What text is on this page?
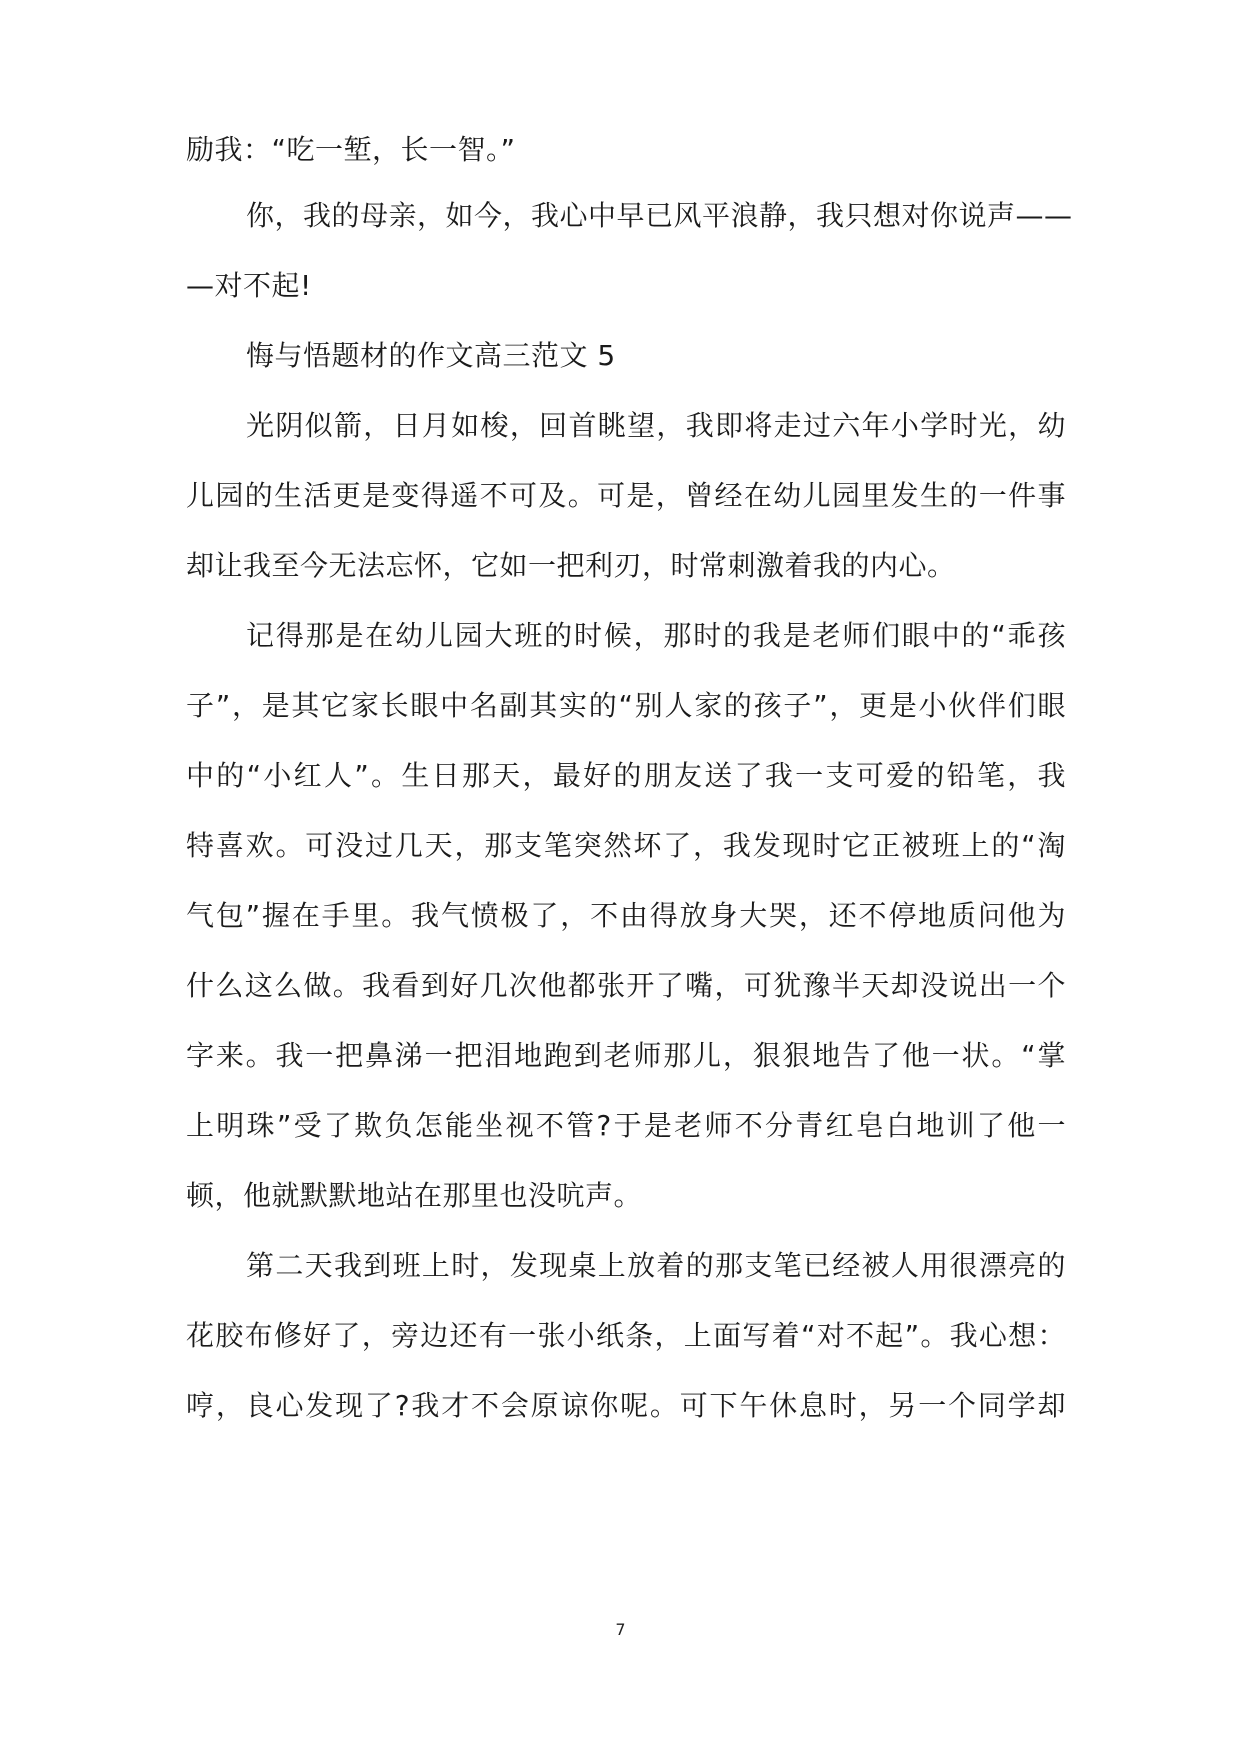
励我：“吃一堑，长一智。”
你，我的母亲，如今，我心中早已风平浪静，我只想对你说声——
—对不起!
悔与悟题材的作文高三范文 5
光阴似箭，日月如梭，回首眺望，我即将走过六年小学时光，幼
儿园的生活更是变得遥不可及。可是，曾经在幼儿园里发生的一件事
却让我至今无法忘怀，它如一把利刃，时常刺激着我的内心。
记得那是在幼儿园大班的时候，那时的我是老师们眼中的“乖孩
子”，是其它家长眼中名副其实的“别人家的孩子”，更是小伙伴们眼
中的“小红人”。生日那天，最好的朋友送了我一支可爱的铅笔，我
特喜欢。可没过几天，那支笔突然坏了，我发现时它正被班上的“淘
气包”握在手里。我气愤极了，不由得放身大哭，还不停地质问他为
什么这么做。我看到好几次他都张开了嘴，可犹豫半天却没说出一个
字来。我一把鼻涕一把泪地跑到老师那儿，狠狠地告了他一状。“掌
上明珠”受了欺负怎能坐视不管?于是老师不分青红皂白地训了他一
顿，他就默默地站在那里也没吭声。
第二天我到班上时，发现桌上放着的那支笔已经被人用很漂亮的
花胶布修好了，旁边还有一张小纸条，上面写着“对不起”。我心想：
哼，良心发现了?我才不会原谅你呢。可下午休息时，另一个同学却
7
